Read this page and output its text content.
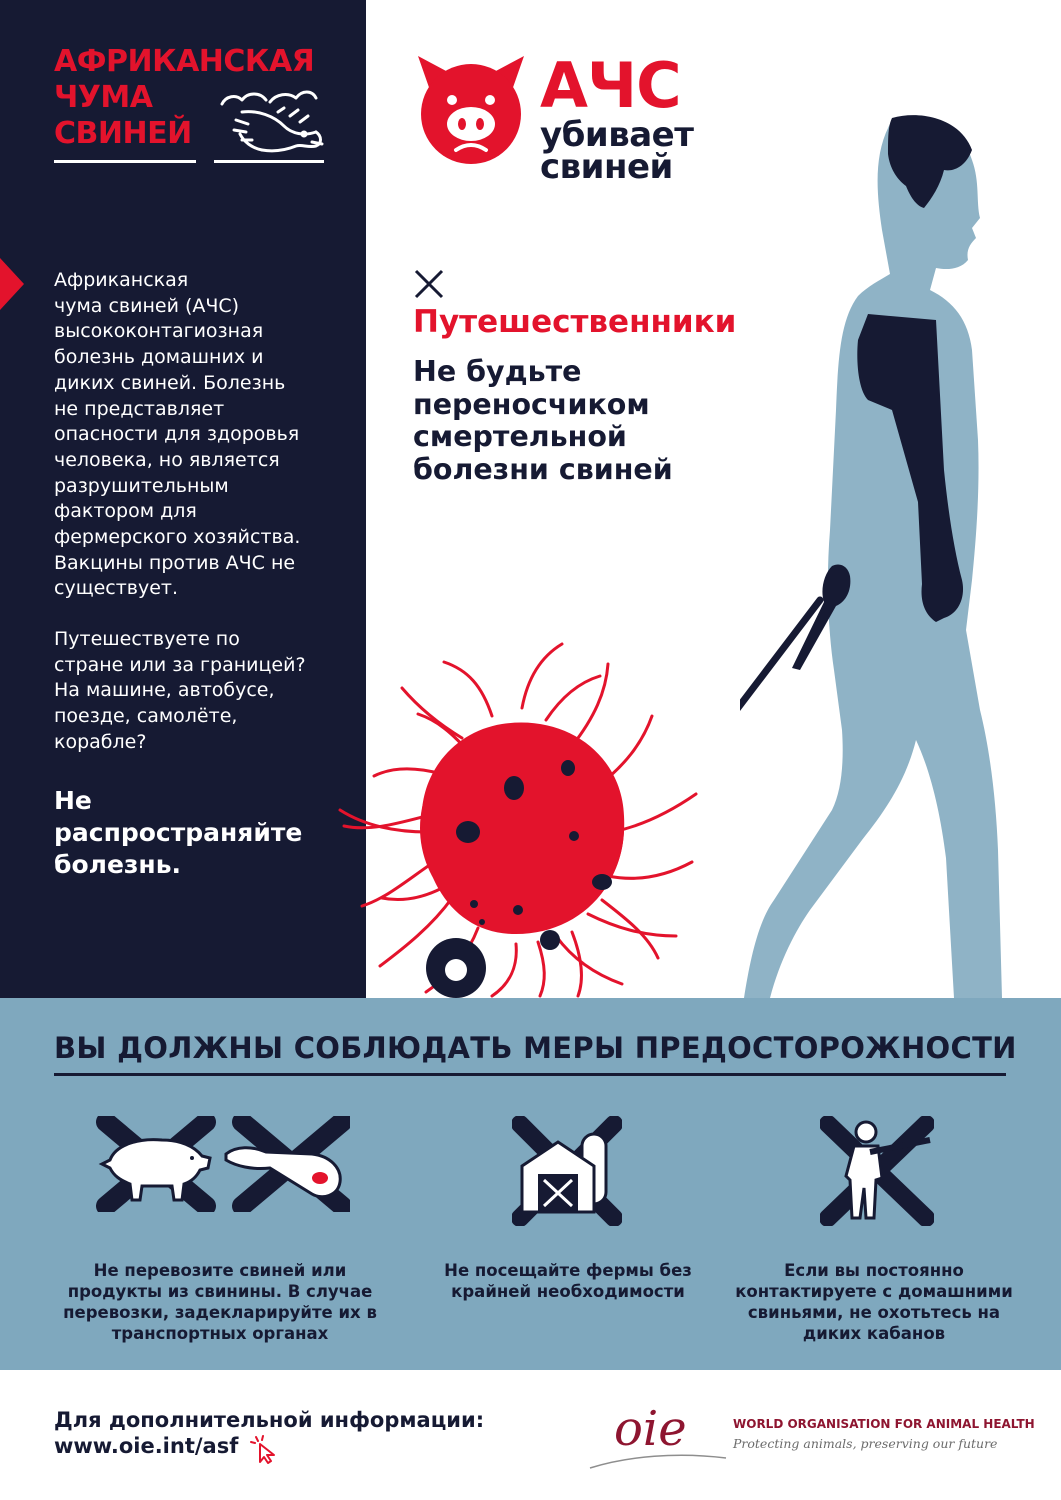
АФРИКАНСКАЯ
ЧУМА
СВИНЕЙ
Африканская
чума свиней (АЧС)
высококонтагиозная
болезнь домашних и
диких свиней. Болезнь
не представляет
опасности для здоровья
человека, но является
разрушительным
фактором для
фермерского хозяйства.
Вакцины против АЧС не
существует.
Путешествуете по
стране или за границей?
На машине, автобусе,
поезде, самолёте,
корабле?
Не
распространяйте
болезнь.
АЧС
убивает
свиней
Путешественники
Не будьте
переносчиком
смертельной
болезни свиней
ВЫ ДОЛЖНЫ СОБЛЮДАТЬ МЕРЫ ПРЕДОСТОРОЖНОСТИ
Не перевозите свиней или
продукты из свинины. В случае
перевозки, задекларируйте их в
транспортных органах
Не посещайте фермы без
крайней необходимости
Если вы постоянно
контактируете с домашними
свиньями, не охотьтесь на
диких кабанов
Для дополнительной информации:
www.oie.int/asf	oie	WORLD ORGANISATION FOR ANIMAL HEALTH
Protecting animals, preserving our future
